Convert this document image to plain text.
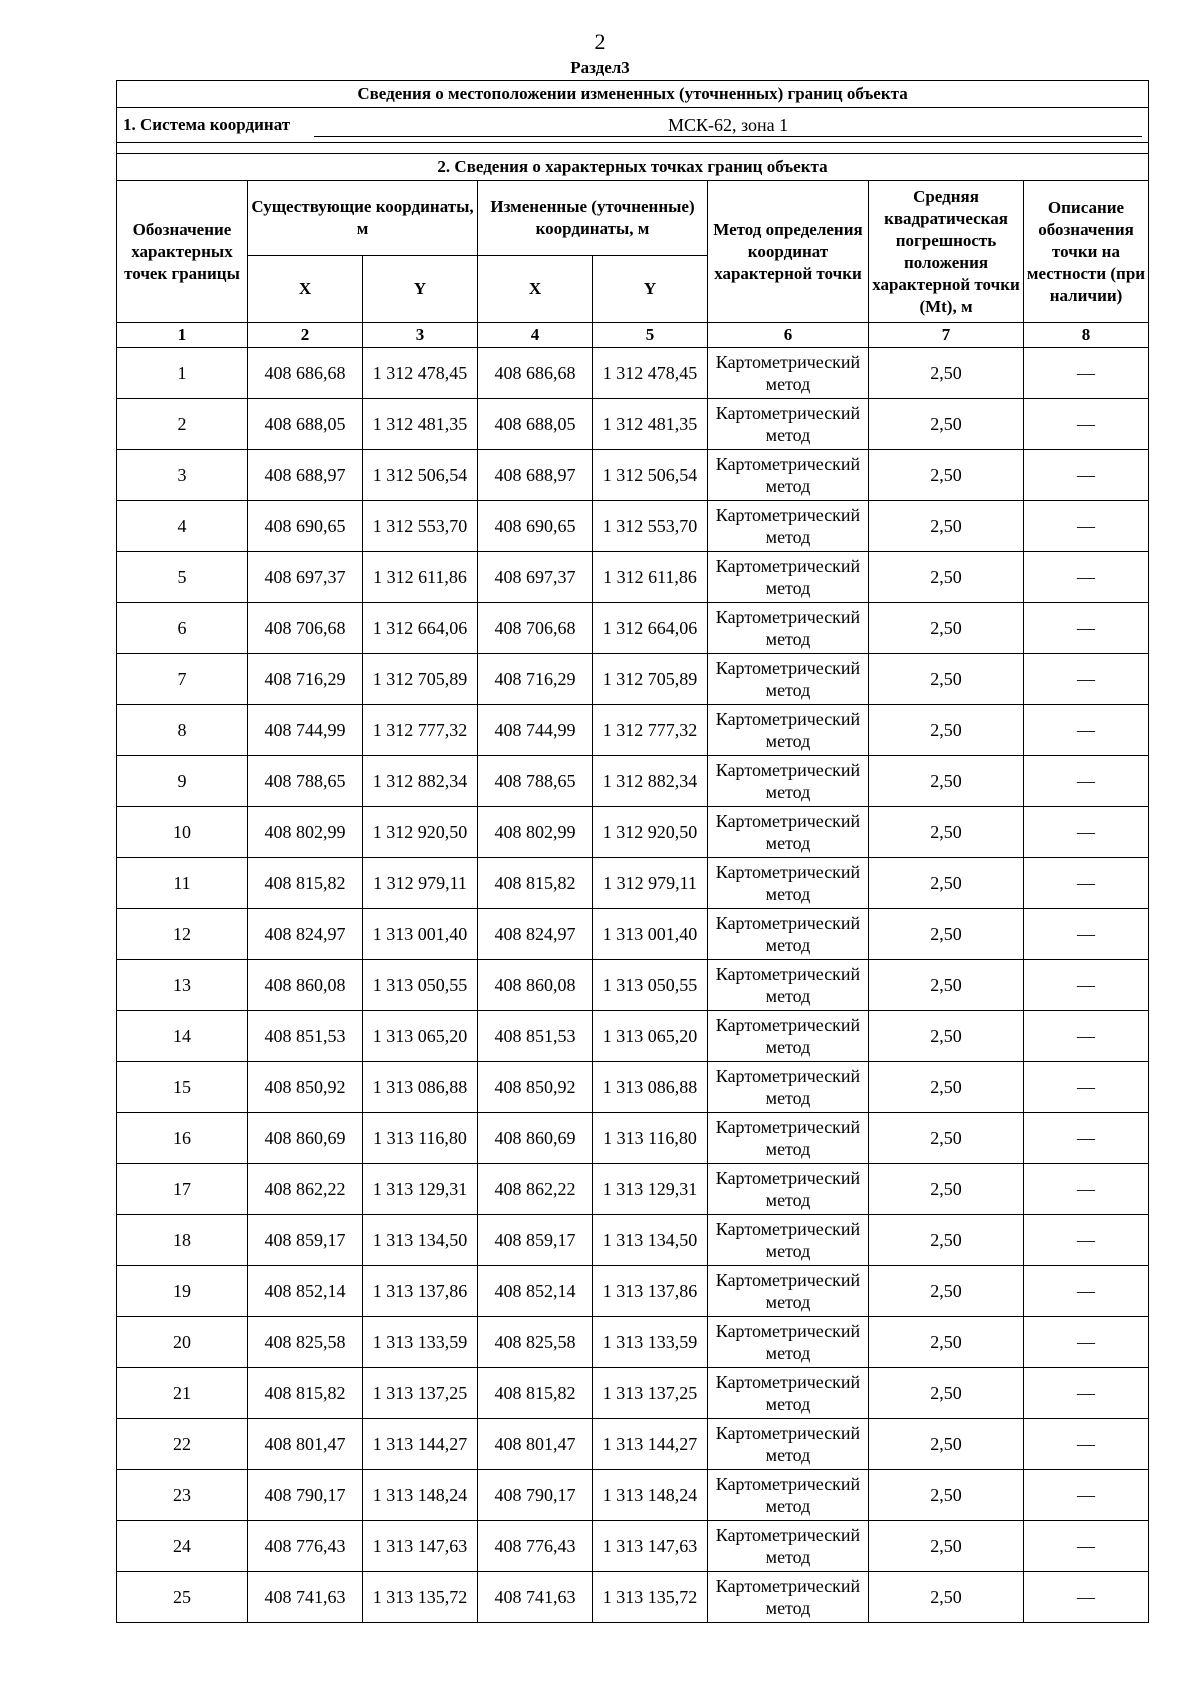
2
Раздел3
Сведения о местоположении измененных (уточненных) границ объекта							

1. Система координат МСК-62, зона 1							

2. Сведения о характерных точках границ объекта							
Обозначение характерных точек границы	Существующие координаты, м		Измененные (уточненные) координаты, м		Метод определения координат характерной точки	Средняя квадратическая погрешность положения характерной точки (Mt), м	Описание обозначения точки на местности (при наличии)
	X	Y	X	Y			
1	2	3	4	5	6	7	8
1	408 686,68	1 312 478,45	408 686,68	1 312 478,45	Картометрический метод	2,50	—
2	408 688,05	1 312 481,35	408 688,05	1 312 481,35	Картометрический метод	2,50	—
3	408 688,97	1 312 506,54	408 688,97	1 312 506,54	Картометрический метод	2,50	—
4	408 690,65	1 312 553,70	408 690,65	1 312 553,70	Картометрический метод	2,50	—
5	408 697,37	1 312 611,86	408 697,37	1 312 611,86	Картометрический метод	2,50	—
6	408 706,68	1 312 664,06	408 706,68	1 312 664,06	Картометрический метод	2,50	—
7	408 716,29	1 312 705,89	408 716,29	1 312 705,89	Картометрический метод	2,50	—
8	408 744,99	1 312 777,32	408 744,99	1 312 777,32	Картометрический метод	2,50	—
9	408 788,65	1 312 882,34	408 788,65	1 312 882,34	Картометрический метод	2,50	—
10	408 802,99	1 312 920,50	408 802,99	1 312 920,50	Картометрический метод	2,50	—
11	408 815,82	1 312 979,11	408 815,82	1 312 979,11	Картометрический метод	2,50	—
12	408 824,97	1 313 001,40	408 824,97	1 313 001,40	Картометрический метод	2,50	—
13	408 860,08	1 313 050,55	408 860,08	1 313 050,55	Картометрический метод	2,50	—
14	408 851,53	1 313 065,20	408 851,53	1 313 065,20	Картометрический метод	2,50	—
15	408 850,92	1 313 086,88	408 850,92	1 313 086,88	Картометрический метод	2,50	—
16	408 860,69	1 313 116,80	408 860,69	1 313 116,80	Картометрический метод	2,50	—
17	408 862,22	1 313 129,31	408 862,22	1 313 129,31	Картометрический метод	2,50	—
18	408 859,17	1 313 134,50	408 859,17	1 313 134,50	Картометрический метод	2,50	—
19	408 852,14	1 313 137,86	408 852,14	1 313 137,86	Картометрический метод	2,50	—
20	408 825,58	1 313 133,59	408 825,58	1 313 133,59	Картометрический метод	2,50	—
21	408 815,82	1 313 137,25	408 815,82	1 313 137,25	Картометрический метод	2,50	—
22	408 801,47	1 313 144,27	408 801,47	1 313 144,27	Картометрический метод	2,50	—
23	408 790,17	1 313 148,24	408 790,17	1 313 148,24	Картометрический метод	2,50	—
24	408 776,43	1 313 147,63	408 776,43	1 313 147,63	Картометрический метод	2,50	—
25	408 741,63	1 313 135,72	408 741,63	1 313 135,72	Картометрический метод	2,50	—
